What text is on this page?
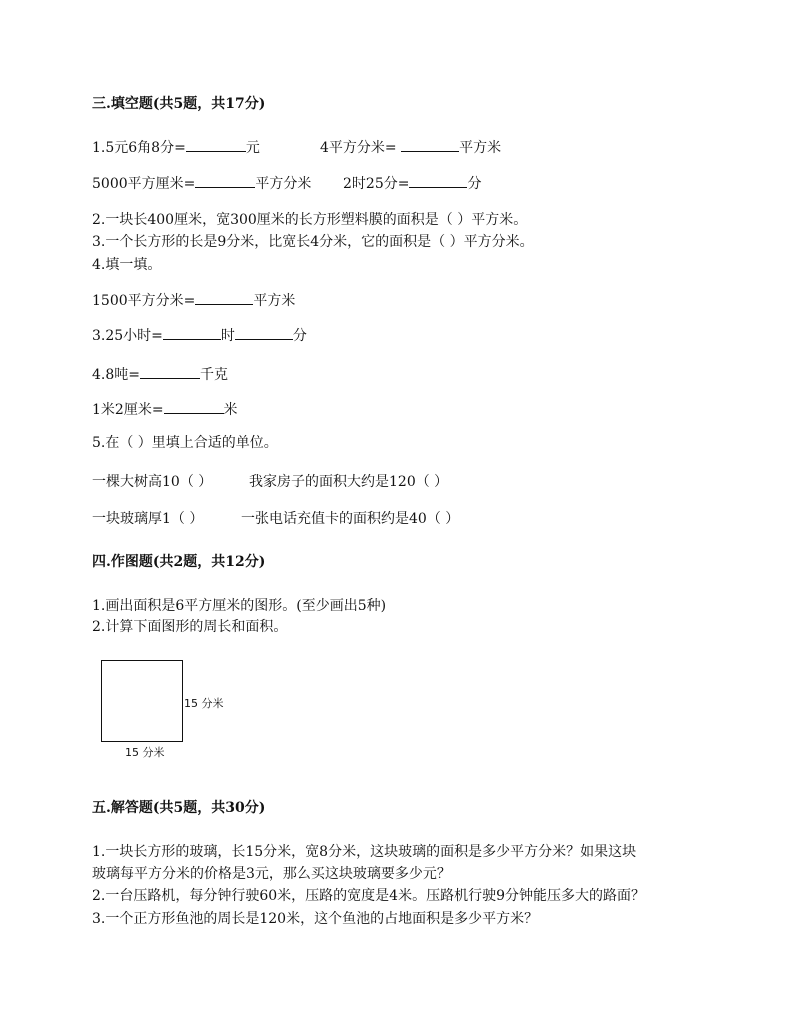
三.填空题(共5题，共17分)
1.5元6角8分=	元	4平方分米=	平方米
5000平方厘米=	平方分米 2时25分=	分
2.一块长400厘米，宽300厘米的长方形塑料膜的面积是（ ）平方米。
3.一个长方形的长是9分米，比宽长4分米，它的面积是（ ）平方分米。
4.填一填。
1500平方分米=	平方米
3.25小时=	时	分
4.8吨=	千克
1米2厘米=	米
5.在（ ）里填上合适的单位。
一棵大树高10（ ）	我家房子的面积大约是120（ ）
一块玻璃厚1（ ）	一张电话充值卡的面积约是40（ ）
四.作图题(共2题，共12分)
1.画出面积是6平方厘米的图形。(至少画出5种)
2.计算下面图形的周长和面积。
15 分米
15 分米
五.解答题(共5题，共30分)
1.一块长方形的玻璃，长15分米，宽8分米，这块玻璃的面积是多少平方分米？如果这块
玻璃每平方分米的价格是3元，那么买这块玻璃要多少元？
2.一台压路机，每分钟行驶60米，压路的宽度是4米。压路机行驶9分钟能压多大的路面？
3.一个正方形鱼池的周长是120米，这个鱼池的占地面积是多少平方米？
